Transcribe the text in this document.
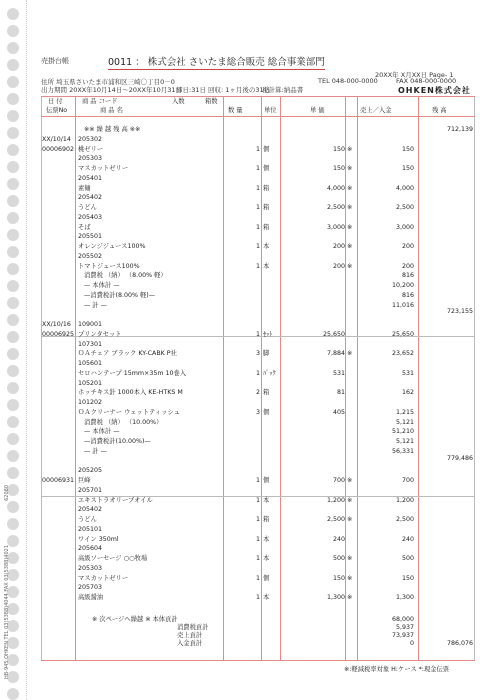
HB-945 OHKEN TEL 03(5388)4044 FAX 03(5388)4021
62080
売掛台帳	0011 ： 株式会社 さいたま総合販売 総合事業部門
20XX年 X月XX日 Page- 1
住所 埼玉県さいたま市浦和区三崎〇丁目0－0	TEL 048-000-0000	FAX 048-000-0000
出力期間 20XX年10月14日～20XX年10月31日
締日:31日 回収: 1ヶ月後の31日
税計算:納品書	OHKEN株式会社
日 付
伝票No
商 品 コード
商 品 名
入数	箱数
数 量	単位	単 価	売上／入金	残 高
※※ 繰 越 残 高 ※※	712,139
XX/10/14 205302
00006902 桃ゼリー	1 個	150 ※	150
205303
マスカットゼリー	1 個	150 ※	150
205401
素麺	1 箱	4,000 ※	4,000
205402
うどん	1 箱	2,500 ※	2,500
205403
そば	1 箱	3,000 ※	3,000
205501
オレンジジュース100%	1 本	200 ※	200
205502
トマトジュース100%	1 本	200 ※	200
消費税 （納） （8.00% 軽）	816
— 本体計 —	10,200
—消費税計(8.00% 軽)—	816
— 計 —	11,016
723,155
XX/10/16 109001
00006925 プリンタセット	1 ｾｯﾄ	25,650	25,650
107301
ＯＡチェア ブラック KY-CABK P社	3 脚	7,884 ※	23,652
105601
セロハンテープ 15mm×35m 10巻入	1 ﾊﾟｯｸ	531	531
105201
ホッチキス針 1000本入 KE-HTKS M	2 箱	81	162
101202
ＯＡクリーナー ウェットティッシュ	3 個	405	1,215
消費税 （納） （10.00%）	5,121
— 本体計 —	51,210
—消費税計(10.00%)—	5,121
— 計 —	56,331
779,486
205205
00006931 巨峰	1 個	700 ※	700
205701
エキストラオリーブオイル	1 本	1,200 ※	1,200
205402
うどん	1 箱	2,500 ※	2,500
205101
ワイン 350ml	1 本	240	240
205604
高級ソーセージ ○○牧場	1 本	500 ※	500
205303
マスカットゼリー	1 個	150 ※	150
205703
高級醤油	1 本	1,300 ※	1,300
※ 次ページへ繰越 ※ 本体貢計	68,000
消費税貢計	5,937
売上貢計	73,937
入金貢計	0	786,076
※:軽減税率対象 H:ケース *:現金伝票
